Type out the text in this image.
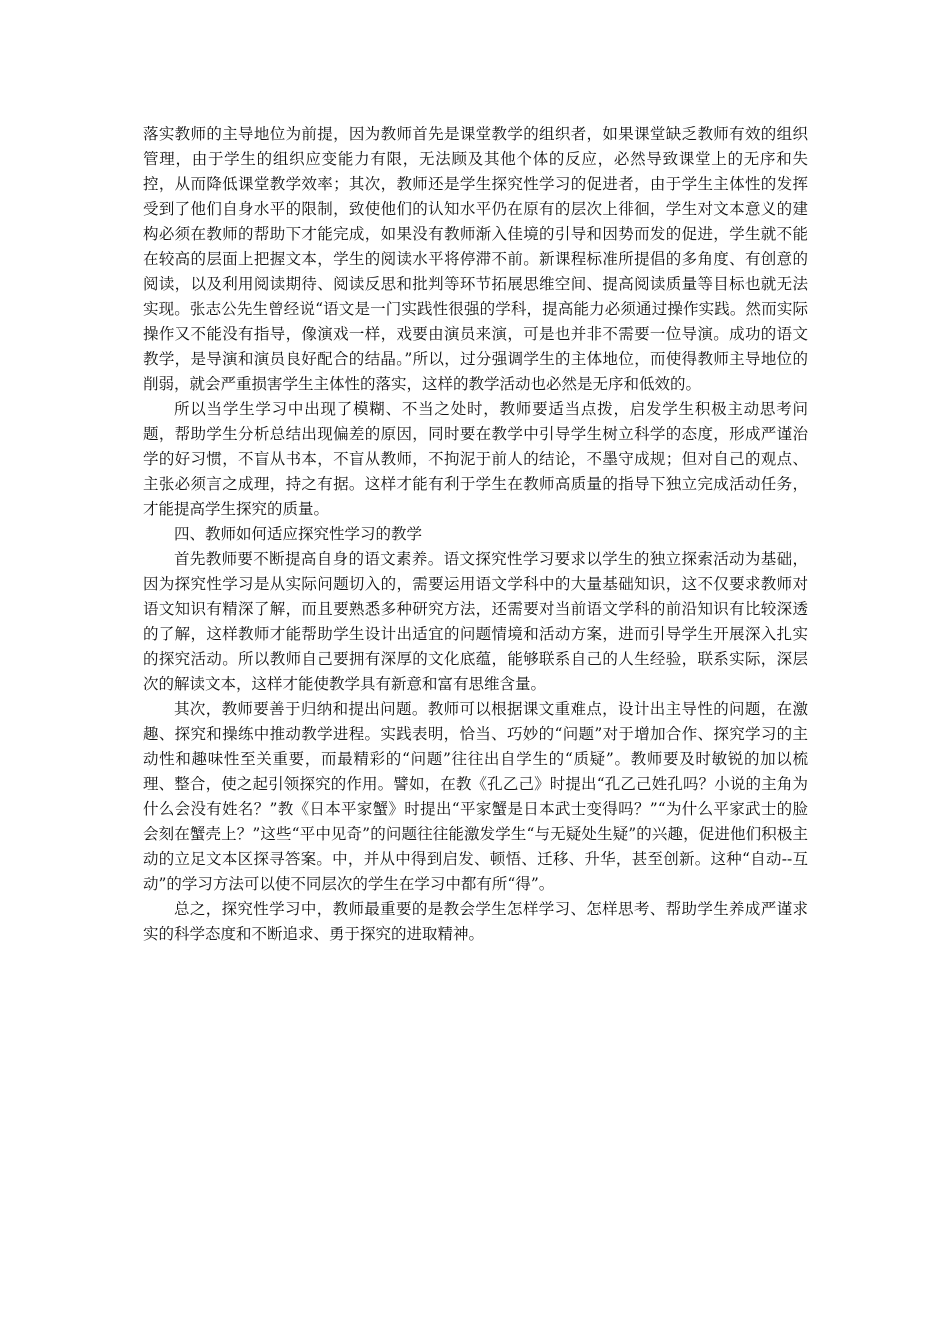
落实教师的主导地位为前提，因为教师首先是课堂教学的组织者，如果课堂缺乏教师有效的组织管理，由于学生的组织应变能力有限，无法顾及其他个体的反应，必然导致课堂上的无序和失控，从而降低课堂教学效率；其次，教师还是学生探究性学习的促进者，由于学生主体性的发挥受到了他们自身水平的限制，致使他们的认知水平仍在原有的层次上徘徊，学生对文本意义的建构必须在教师的帮助下才能完成，如果没有教师渐入佳境的引导和因势而发的促进，学生就不能在较高的层面上把握文本，学生的阅读水平将停滞不前。新课程标准所提倡的多角度、有创意的阅读，以及利用阅读期待、阅读反思和批判等环节拓展思维空间、提高阅读质量等目标也就无法实现。张志公先生曾经说“语文是一门实践性很强的学科，提高能力必须通过操作实践。然而实际操作又不能没有指导，像演戏一样，戏要由演员来演，可是也并非不需要一位导演。成功的语文教学，是导演和演员良好配合的结晶。”所以，过分强调学生的主体地位，而使得教师主导地位的削弱，就会严重损害学生主体性的落实，这样的教学活动也必然是无序和低效的。

所以当学生学习中出现了模糊、不当之处时，教师要适当点拨，启发学生积极主动思考问题，帮助学生分析总结出现偏差的原因，同时要在教学中引导学生树立科学的态度，形成严谨治学的好习惯，不盲从书本，不盲从教师，不拘泥于前人的结论，不墨守成规；但对自己的观点、主张必须言之成理，持之有据。这样才能有利于学生在教师高质量的指导下独立完成活动任务，才能提高学生探究的质量。

四、教师如何适应探究性学习的教学

首先教师要不断提高自身的语文素养。语文探究性学习要求以学生的独立探索活动为基础，因为探究性学习是从实际问题切入的，需要运用语文学科中的大量基础知识，这不仅要求教师对语文知识有精深了解，而且要熟悉多种研究方法，还需要对当前语文学科的前沿知识有比较深透的了解，这样教师才能帮助学生设计出适宜的问题情境和活动方案，进而引导学生开展深入扎实的探究活动。所以教师自己要拥有深厚的文化底蕴，能够联系自己的人生经验，联系实际，深层次的解读文本，这样才能使教学具有新意和富有思维含量。

其次，教师要善于归纳和提出问题。教师可以根据课文重难点，设计出主导性的问题，在激趣、探究和操练中推动教学进程。实践表明，恰当、巧妙的“问题”对于增加合作、探究学习的主动性和趣味性至关重要，而最精彩的“问题”往往出自学生的“质疑”。教师要及时敏锐的加以梳理、整合，使之起引领探究的作用。譬如，在教《孔乙己》时提出“孔乙己姓孔吗？小说的主角为什么会没有姓名？”教《日本平家蟹》时提出“平家蟹是日本武士变得吗？”“为什么平家武士的脸会刻在蟹壳上？”这些“平中见奇”的问题往往能激发学生“与无疑处生疑”的兴趣，促进他们积极主动的立足文本区探寻答案。中，并从中得到启发、顿悟、迁移、升华，甚至创新。这种“自动--互动”的学习方法可以使不同层次的学生在学习中都有所“得”。

总之，探究性学习中，教师最重要的是教会学生怎样学习、怎样思考、帮助学生养成严谨求实的科学态度和不断追求、勇于探究的进取精神。
